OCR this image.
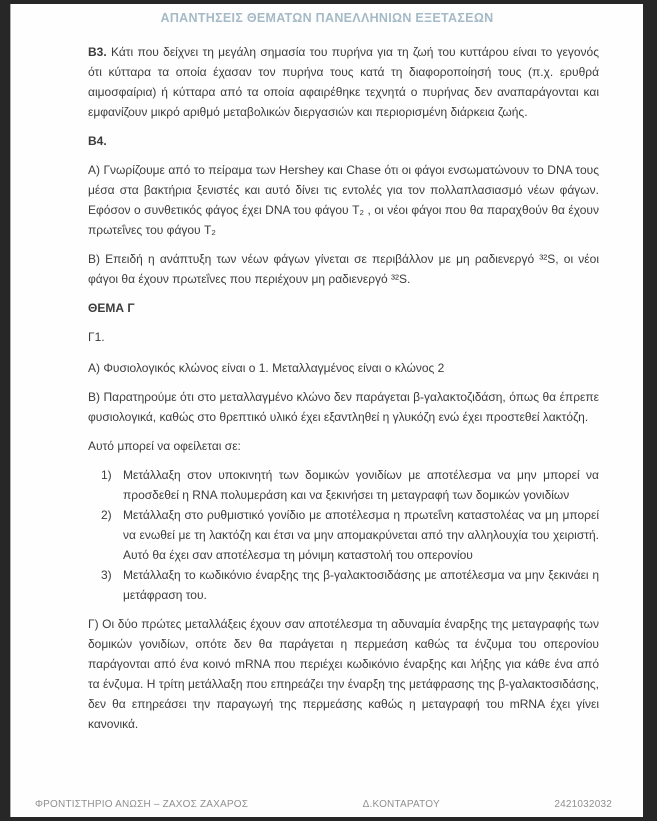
ΑΠΑΝΤΗΣΕΙΣ ΘΕΜΑΤΩΝ ΠΑΝΕΛΛΗΝΙΩΝ ΕΞΕΤΑΣΕΩΝ

Β3. Κάτι που δείχνει τη μεγάλη σημασία του πυρήνα για τη ζωή του κυττάρου είναι το γεγονός ότι κύτταρα τα οποία έχασαν τον πυρήνα τους κατά τη διαφοροποίησή τους (π.χ. ερυθρά αιμοσφαίρια) ή κύτταρα από τα οποία αφαιρέθηκε τεχνητά ο πυρήνας δεν αναπαράγονται και εμφανίζουν μικρό αριθμό μεταβολικών διεργασιών και περιορισμένη διάρκεια ζωής.

Β4.

Α) Γνωρίζουμε από το πείραμα των Hershey και Chase ότι οι φάγοι ενσωματώνουν το DNA τους μέσα στα βακτήρια ξενιστές και αυτό δίνει τις εντολές για τον πολλαπλασιασμό νέων φάγων. Εφόσον ο συνθετικός φάγος έχει DNA του φάγου T₂ , οι νέοι φάγοι που θα παραχθούν θα έχουν πρωτεΐνες του φάγου T₂

Β) Επειδή η ανάπτυξη των νέων φάγων γίνεται σε περιβάλλον με μη ραδιενεργό ³²S, οι νέοι φάγοι θα έχουν πρωτεΐνες που περιέχουν μη ραδιενεργό ³²S.

ΘΕΜΑ Γ

Γ1.

Α) Φυσιολογικός κλώνος είναι ο 1. Μεταλλαγμένος είναι ο κλώνος 2

Β) Παρατηρούμε ότι στο μεταλλαγμένο κλώνο δεν παράγεται β-γαλακτοζιδάση, όπως θα έπρεπε φυσιολογικά, καθώς στο θρεπτικό υλικό έχει εξαντληθεί η γλυκόζη ενώ έχει προστεθεί λακτόζη.

Αυτό μπορεί να οφείλεται σε:

1) Μετάλλαξη στον υποκινητή των δομικών γονιδίων με αποτέλεσμα να μην μπορεί να προσδεθεί η RNA πολυμεράση και να ξεκινήσει τη μεταγραφή των δομικών γονιδίων
2) Μετάλλαξη στο ρυθμιστικό γονίδιο με αποτέλεσμα η πρωτεΐνη καταστολέας να μη μπορεί να ενωθεί με τη λακτόζη και έτσι να μην απομακρύνεται από την αλληλουχία του χειριστή. Αυτό θα έχει σαν αποτέλεσμα τη μόνιμη καταστολή του οπερονίου
3) Μετάλλαξη το κωδικόνιο έναρξης της β-γαλακτοσιδάσης με αποτέλεσμα να μην ξεκινάει η μετάφραση του.

Γ) Οι δύο πρώτες μεταλλάξεις έχουν σαν αποτέλεσμα τη αδυναμία έναρξης της μεταγραφής των δομικών γονιδίων, οπότε δεν θα παράγεται η περμεάση καθώς τα ένζυμα του οπερονίου παράγονται από ένα κοινό mRNA που περιέχει κωδικόνιο έναρξης και λήξης για κάθε ένα από τα ένζυμα. Η τρίτη μετάλλαξη που επηρεάζει την έναρξη της μετάφρασης της β-γαλακτοσιδάσης, δεν θα επηρεάσει την παραγωγή της περμεάσης καθώς η μεταγραφή του mRNA έχει γίνει κανονικά.

ΦΡΟΝΤΙΣΤΗΡΙΟ ΑΝΩΣΗ – ΖΑΧΟΣ ΖΑΧΑΡΟΣ	Δ.ΚΟΝΤΑΡΑΤΟΥ	2421032032
